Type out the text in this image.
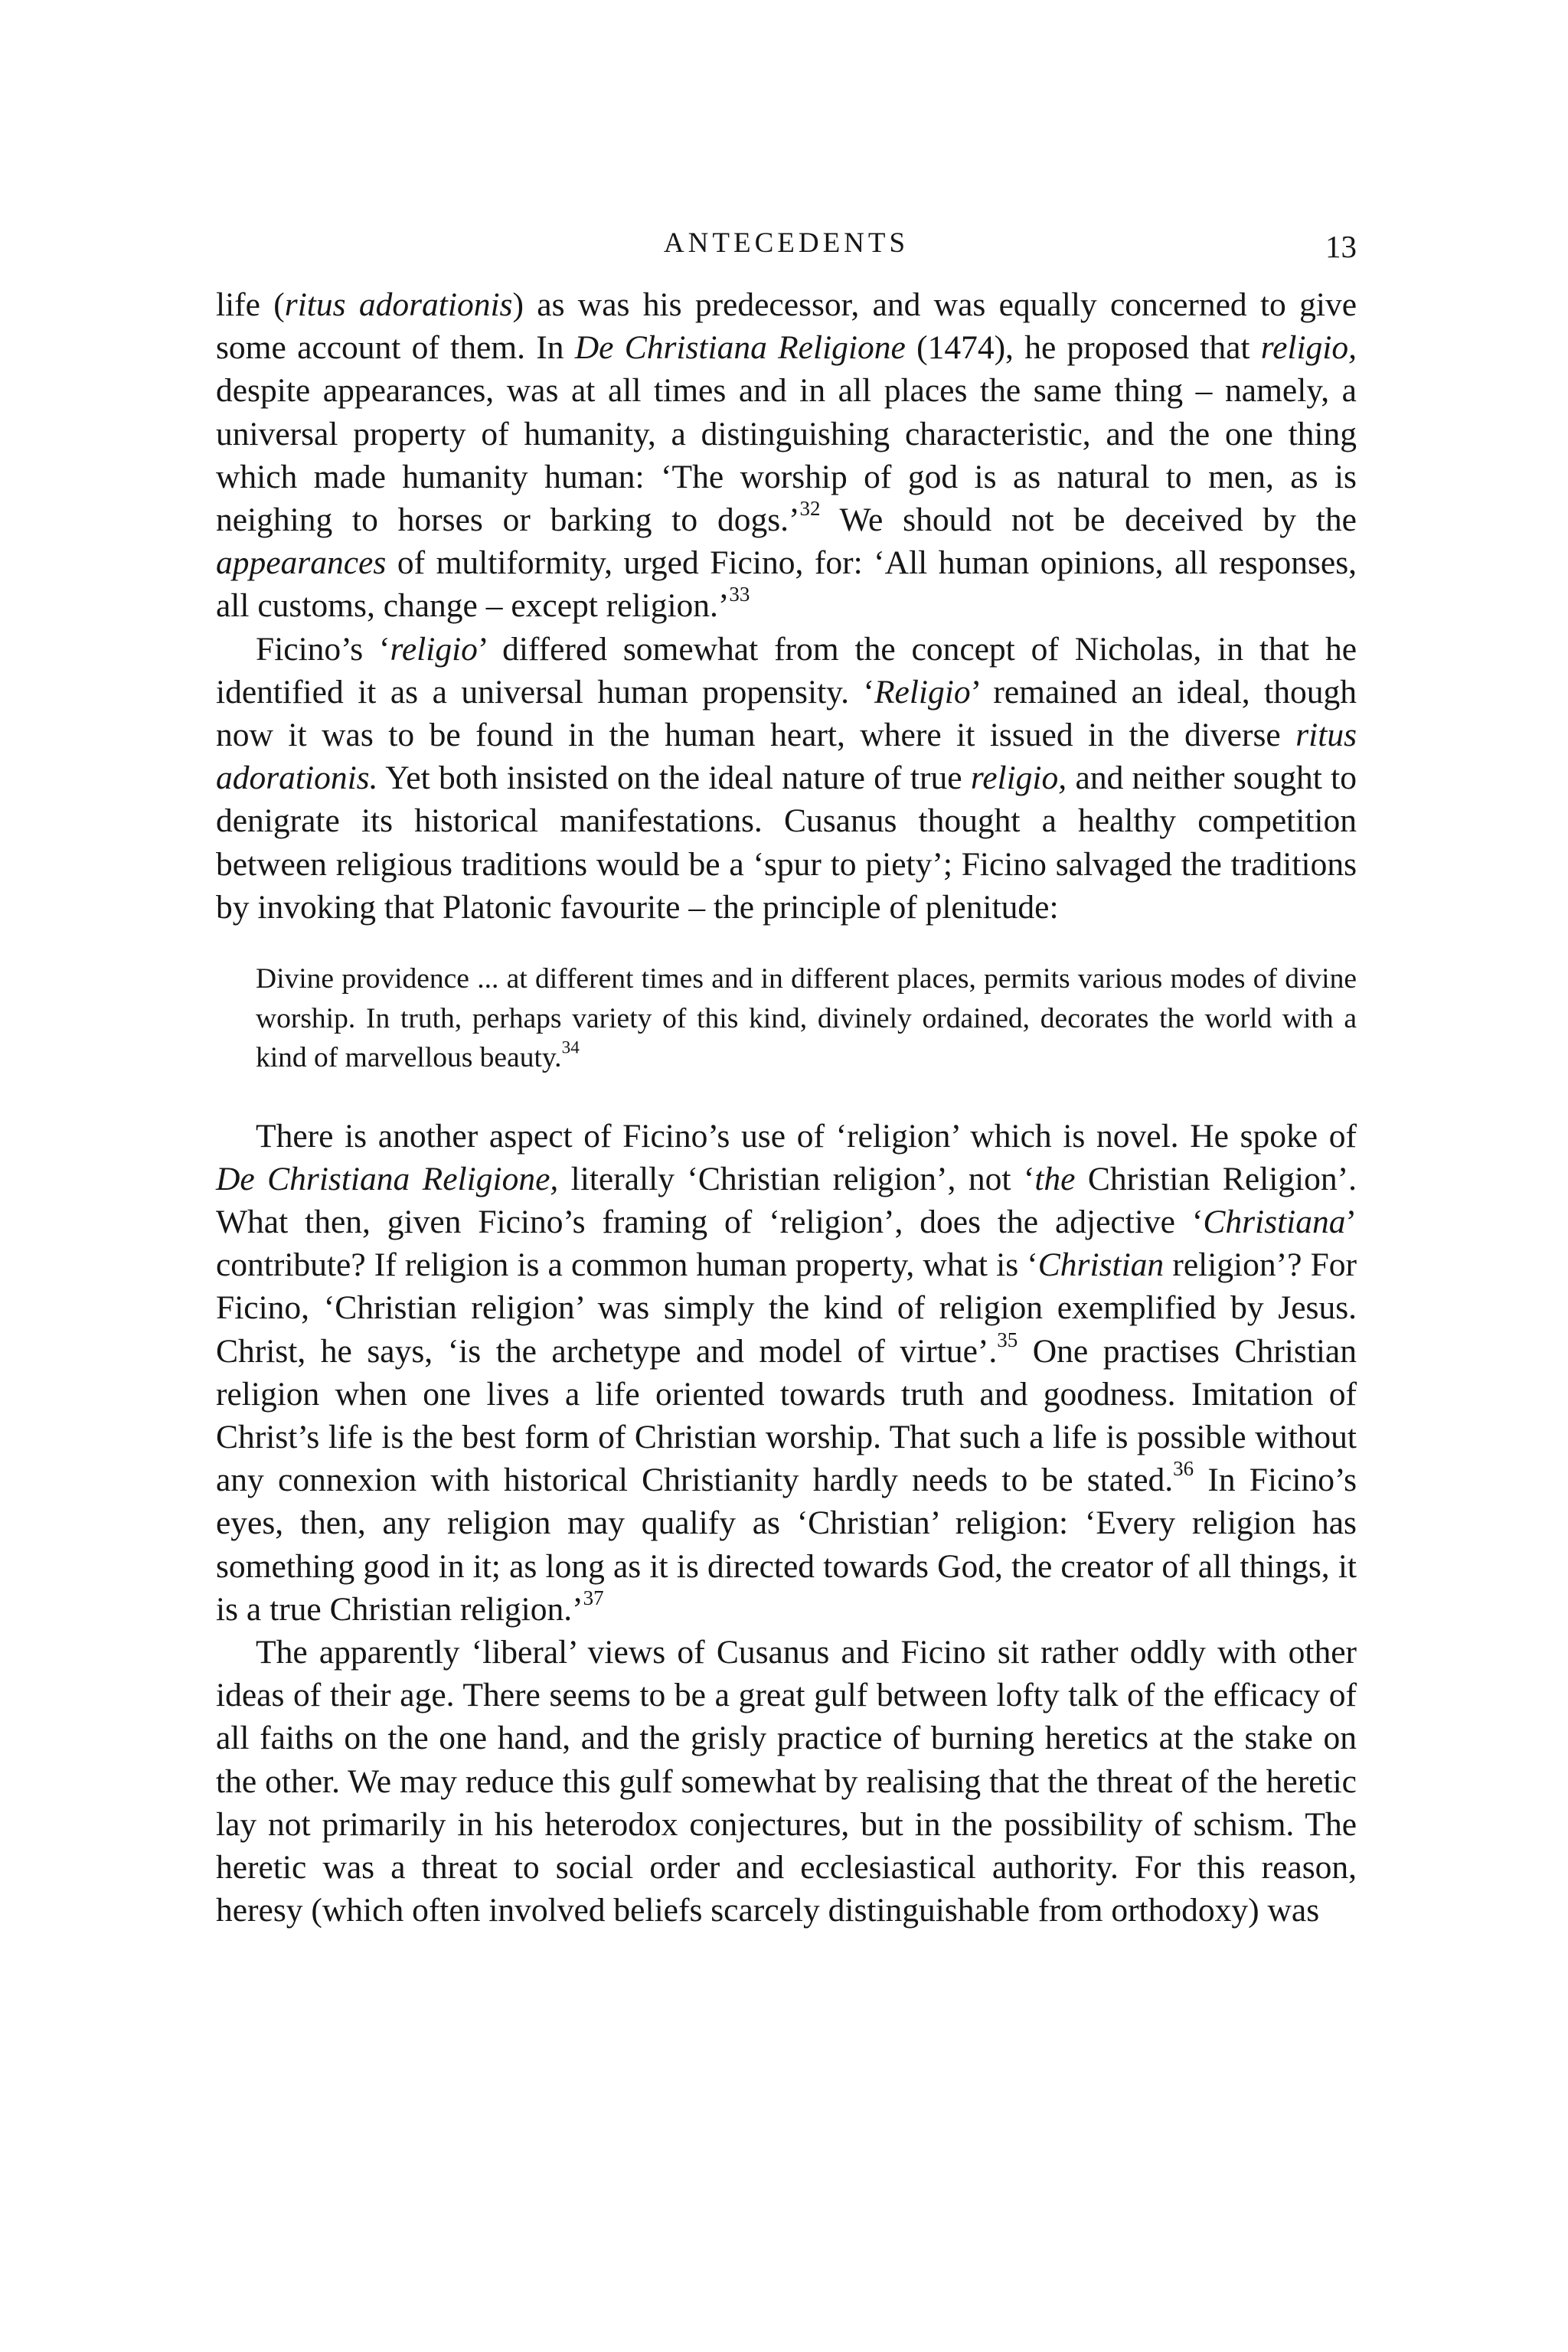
ANTECEDENTS	13

life (ritus adorationis) as was his predecessor, and was equally concerned to give some account of them. In De Christiana Religione (1474), he proposed that religio, despite appearances, was at all times and in all places the same thing – namely, a universal property of humanity, a distinguishing characteristic, and the one thing which made humanity human: ‘The worship of god is as natural to men, as is neighing to horses or barking to dogs.’$^{32}$ We should not be deceived by the appearances of multiformity, urged Ficino, for: ‘All human opinions, all responses, all customs, change – except religion.’$^{33}$

Ficino’s ‘religio’ differed somewhat from the concept of Nicholas, in that he identified it as a universal human propensity. ‘Religio’ remained an ideal, though now it was to be found in the human heart, where it issued in the diverse ritus adorationis. Yet both insisted on the ideal nature of true religio, and neither sought to denigrate its historical manifestations. Cusanus thought a healthy competition between religious traditions would be a ‘spur to piety’; Ficino salvaged the traditions by invoking that Platonic favourite – the principle of plenitude:

Divine providence ... at different times and in different places, permits various modes of divine worship. In truth, perhaps variety of this kind, divinely ordained, decorates the world with a kind of marvellous beauty.$^{34}$

There is another aspect of Ficino’s use of ‘religion’ which is novel. He spoke of De Christiana Religione, literally ‘Christian religion’, not ‘the Christian Religion’. What then, given Ficino’s framing of ‘religion’, does the adjective ‘Christiana’ contribute? If religion is a common human property, what is ‘Christian religion’? For Ficino, ‘Christian religion’ was simply the kind of religion exemplified by Jesus. Christ, he says, ‘is the archetype and model of virtue’.$^{35}$ One practises Christian religion when one lives a life oriented towards truth and goodness. Imitation of Christ’s life is the best form of Christian worship. That such a life is possible without any connexion with historical Christianity hardly needs to be stated.$^{36}$ In Ficino’s eyes, then, any religion may qualify as ‘Christian’ religion: ‘Every religion has something good in it; as long as it is directed towards God, the creator of all things, it is a true Christian religion.’$^{37}$

The apparently ‘liberal’ views of Cusanus and Ficino sit rather oddly with other ideas of their age. There seems to be a great gulf between lofty talk of the efficacy of all faiths on the one hand, and the grisly practice of burning heretics at the stake on the other. We may reduce this gulf somewhat by realising that the threat of the heretic lay not primarily in his heterodox conjectures, but in the possibility of schism. The heretic was a threat to social order and ecclesiastical authority. For this reason, heresy (which often involved beliefs scarcely distinguishable from orthodoxy) was
